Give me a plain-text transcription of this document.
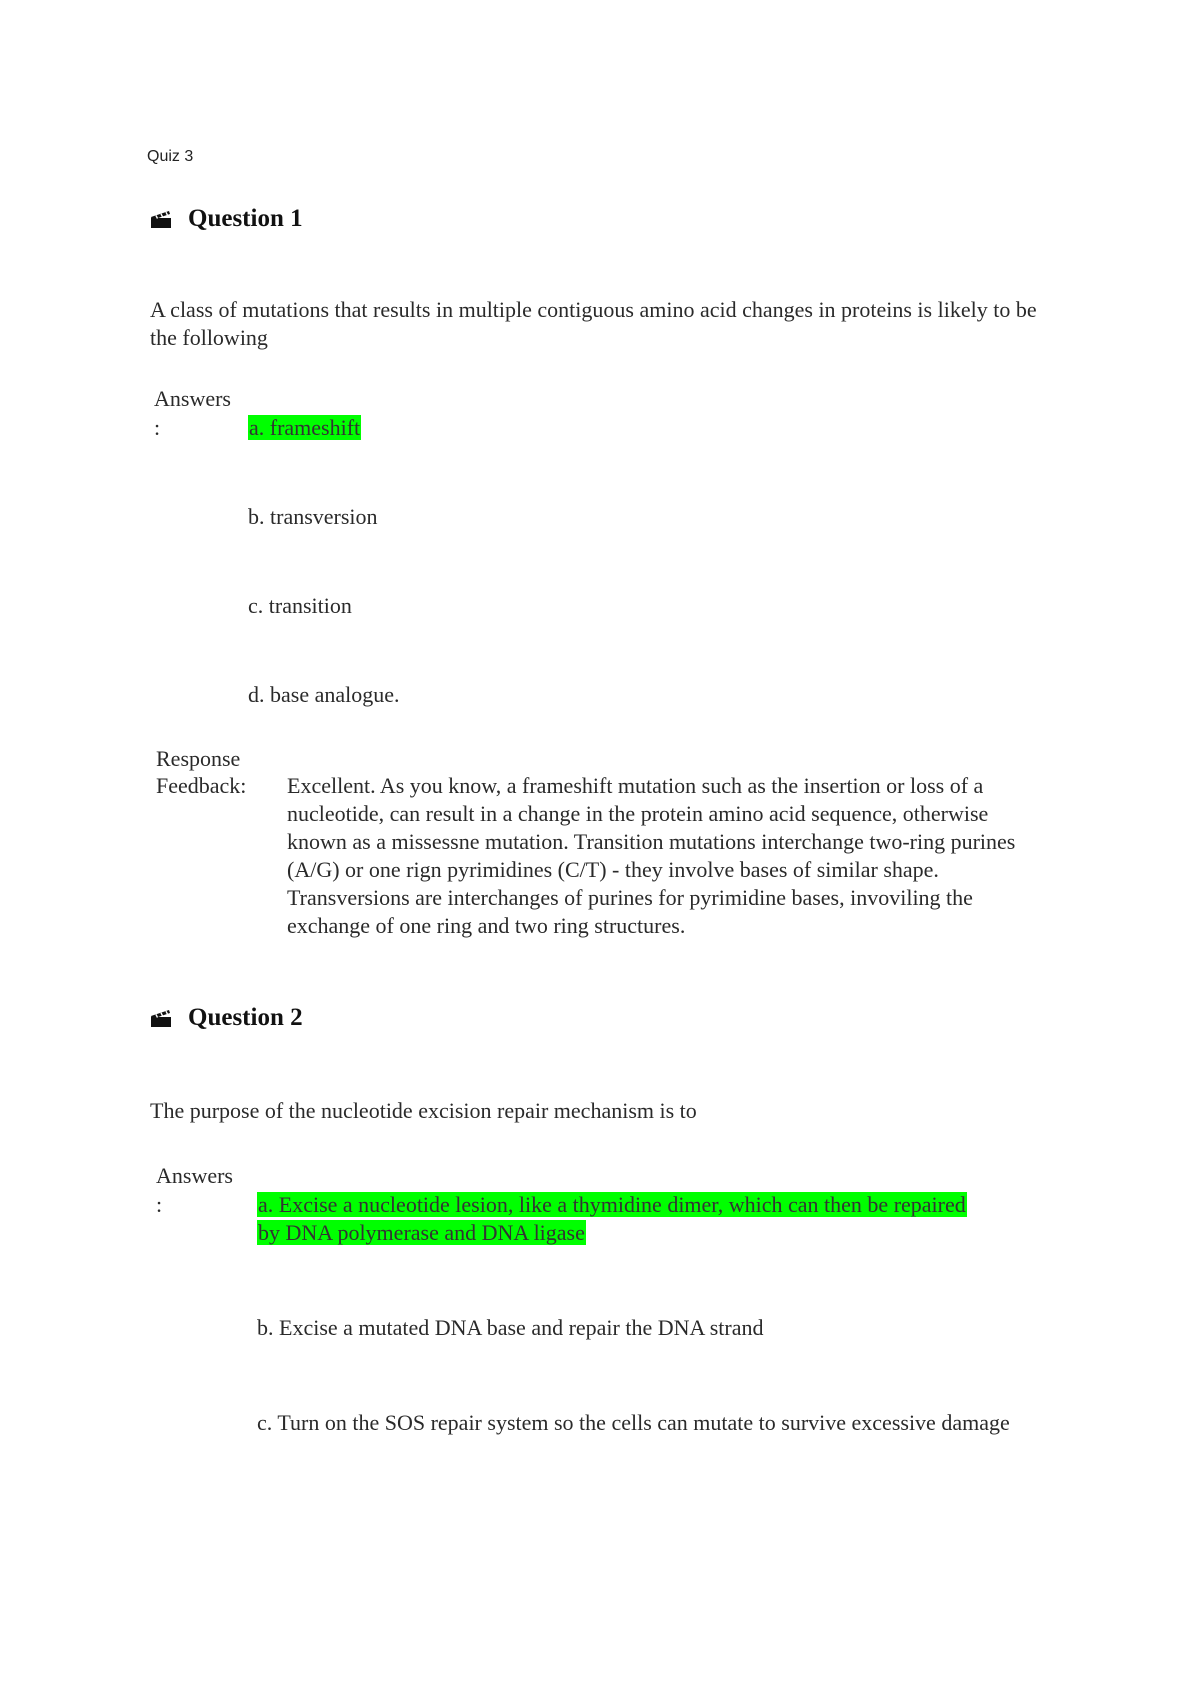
Quiz 3
Question 1
A class of mutations that results in multiple contiguous amino acid changes in proteins is likely to be the following
Answers
:	a. frameshift
b. transversion
c. transition
d. base analogue.
Response
Feedback: Excellent. As you know, a frameshift mutation such as the insertion or loss of a nucleotide, can result in a change in the protein amino acid sequence, otherwise known as a missessne mutation. Transition mutations interchange two-ring purines (A/G) or one rign pyrimidines (C/T) - they involve bases of similar shape. Transversions are interchanges of purines for pyrimidine bases, invoviling the exchange of one ring and two ring structures.
Question 2
The purpose of the nucleotide excision repair mechanism is to
Answers
:	a. Excise a nucleotide lesion, like a thymidine dimer, which can then be repaired by DNA polymerase and DNA ligase
b. Excise a mutated DNA base and repair the DNA strand
c. Turn on the SOS repair system so the cells can mutate to survive excessive damage
